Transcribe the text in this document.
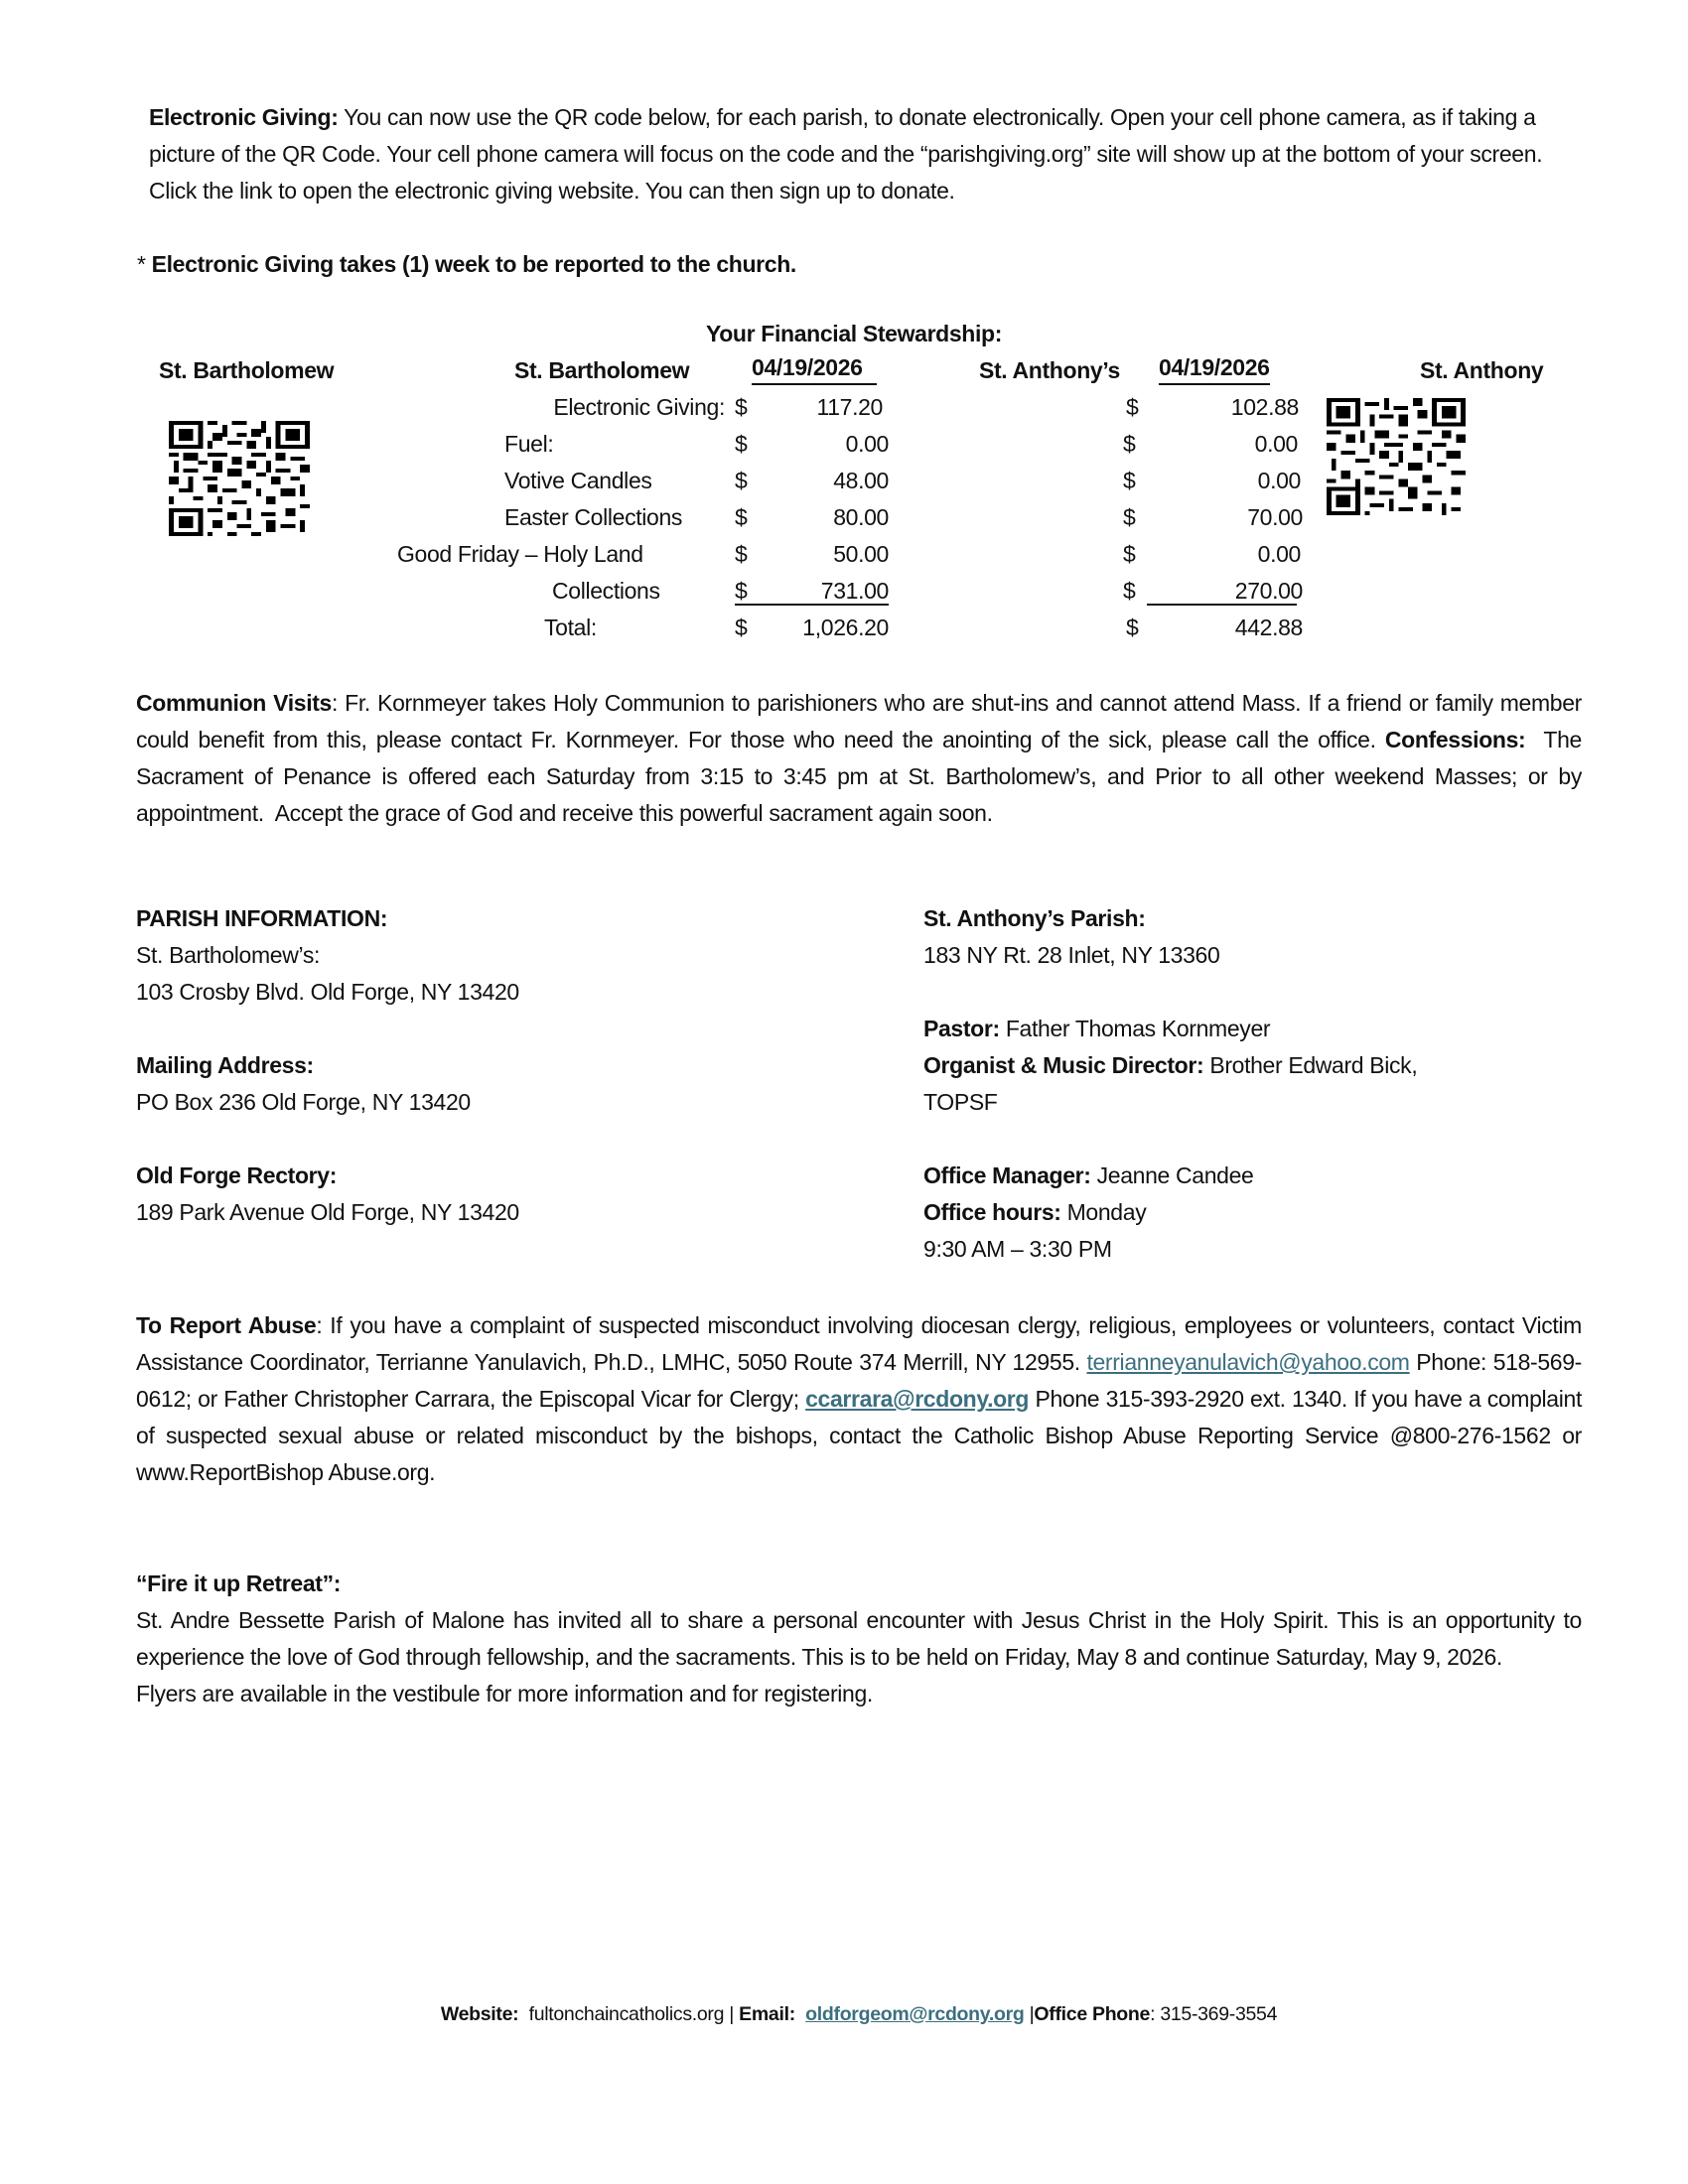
Electronic Giving: You can now use the QR code below, for each parish, to donate electronically. Open your cell phone camera, as if taking a picture of the QR Code. Your cell phone camera will focus on the code and the “parishgiving.org” site will show up at the bottom of your screen. Click the link to open the electronic giving website. You can then sign up to donate.

* Electronic Giving takes (1) week to be reported to the church.
Your Financial Stewardship:
St. Bartholomew	St. Bartholomew	04/19/2026	St. Anthony’s 04/19/2026	St. Anthony
Electronic Giving: $	117.20	$	102.88
Fuel:	$	0.00	$	0.00
Votive Candles	$	48.00	$	0.00
Easter Collections $	80.00	$	70.00
Good Friday – Holy Land	$	50.00	$	0.00
Collections	$	731.00	$	270.00
Total:	$ 1,026.20	$	442.88

Communion Visits: Fr. Kornmeyer takes Holy Communion to parishioners who are shut-ins and cannot attend Mass. If a friend or family member could benefit from this, please contact Fr. Kornmeyer. For those who need the anointing of the sick, please call the office. Confessions:  The Sacrament of Penance is offered each Saturday from 3:15 to 3:45 pm at St. Bartholomew’s, and Prior to all other weekend Masses; or by appointment.  Accept the grace of God and receive this powerful sacrament again soon.

PARISH INFORMATION:
St. Bartholomew’s:
103 Crosby Blvd. Old Forge, NY 13420
Mailing Address:
PO Box 236 Old Forge, NY 13420
Old Forge Rectory:
189 Park Avenue Old Forge, NY 13420
St. Anthony’s Parish:
183 NY Rt. 28 Inlet, NY 13360
Pastor: Father Thomas Kornmeyer
Organist & Music Director: Brother Edward Bick,
TOPSF
Office Manager: Jeanne Candee
Office hours: Monday
9:30 AM – 3:30 PM

To Report Abuse: If you have a complaint of suspected misconduct involving diocesan clergy, religious, employees or volunteers, contact Victim Assistance Coordinator, Terrianne Yanulavich, Ph.D., LMHC, 5050 Route 374 Merrill, NY 12955. terrianneyanulavich@yahoo.com Phone: 518-569-0612; or Father Christopher Carrara, the Episcopal Vicar for Clergy; ccarrara@rcdony.org Phone 315-393-2920 ext. 1340. If you have a complaint of suspected sexual abuse or related misconduct by the bishops, contact the Catholic Bishop Abuse Reporting Service @800-276-1562 or www.ReportBishop Abuse.org.

“Fire it up Retreat”:

St. Andre Bessette Parish of Malone has invited all to share a personal encounter with Jesus Christ in the Holy Spirit. This is an opportunity to experience the love of God through fellowship, and the sacraments. This is to be held on Friday, May 8 and continue Saturday, May 9, 2026.

Flyers are available in the vestibule for more information and for registering.

Website:  fultonchaincatholics.org | Email: oldforgeom@rcdony.org |Office Phone: 315-369-3554
